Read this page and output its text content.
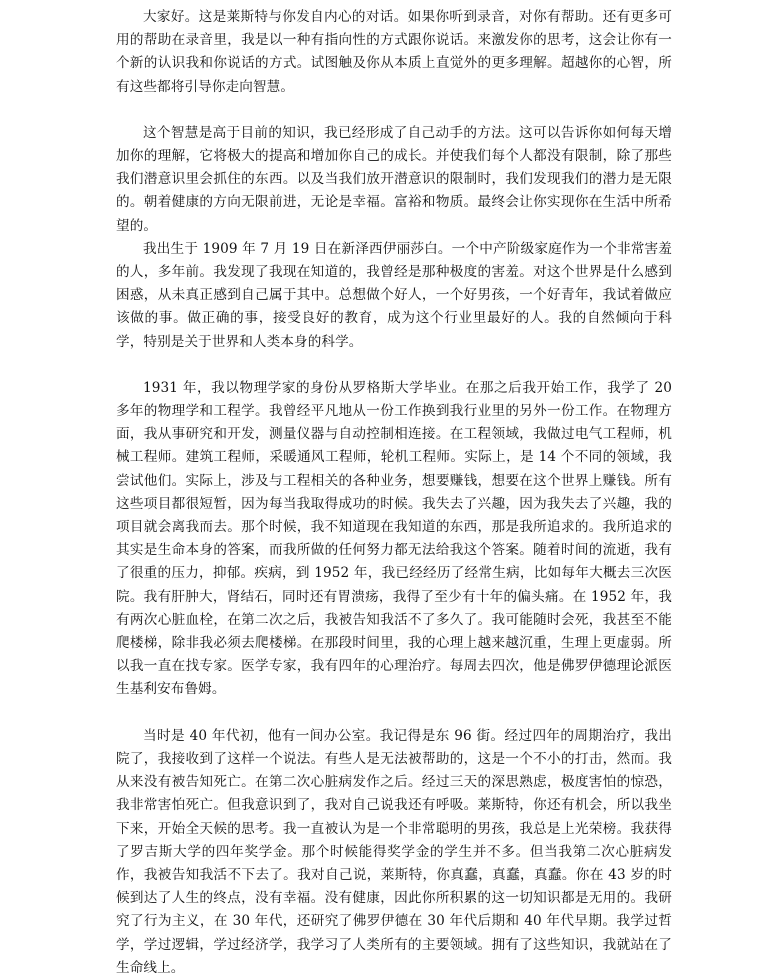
大家好。这是莱斯特与你发自内心的对话。如果你听到录音，对你有帮助。还有更多可用的帮助在录音里，我是以一种有指向性的方式跟你说话。来激发你的思考，这会让你有一个新的认识我和你说话的方式。试图触及你从本质上直觉外的更多理解。超越你的心智，所有这些都将引导你走向智慧。

这个智慧是高于目前的知识，我已经形成了自己动手的方法。这可以告诉你如何每天增加你的理解，它将极大的提高和增加你自己的成长。并使我们每个人都没有限制，除了那些我们潜意识里会抓住的东西。以及当我们放开潜意识的限制时，我们发现我们的潜力是无限的。朝着健康的方向无限前进，无论是幸福。富裕和物质。最终会让你实现你在生活中所希望的。

我出生于 1909 年 7 月 19 日在新泽西伊丽莎白。一个中产阶级家庭作为一个非常害羞的人，多年前。我发现了我现在知道的，我曾经是那种极度的害羞。对这个世界是什么感到困惑，从未真正感到自己属于其中。总想做个好人，一个好男孩，一个好青年，我试着做应该做的事。做正确的事，接受良好的教育，成为这个行业里最好的人。我的自然倾向于科学，特别是关于世界和人类本身的科学。

1931 年，我以物理学家的身份从罗格斯大学毕业。在那之后我开始工作，我学了 20 多年的物理学和工程学。我曾经平凡地从一份工作换到我行业里的另外一份工作。在物理方面，我从事研究和开发，测量仪器与自动控制相连接。在工程领域，我做过电气工程师，机械工程师。建筑工程师，采暖通风工程师，轮机工程师。实际上，是 14 个不同的领域，我尝试他们。实际上，涉及与工程相关的各种业务，想要赚钱，想要在这个世界上赚钱。所有这些项目都很短暂，因为每当我取得成功的时候。我失去了兴趣，因为我失去了兴趣，我的项目就会离我而去。那个时候，我不知道现在我知道的东西，那是我所追求的。我所追求的其实是生命本身的答案，而我所做的任何努力都无法给我这个答案。随着时间的流逝，我有了很重的压力，抑郁。疾病，到 1952 年，我已经经历了经常生病，比如每年大概去三次医院。我有肝肿大，肾结石，同时还有胃溃疡，我得了至少有十年的偏头痛。在 1952 年，我有两次心脏血栓，在第二次之后，我被告知我活不了多久了。我可能随时会死，我甚至不能爬楼梯，除非我必须去爬楼梯。在那段时间里，我的心理上越来越沉重，生理上更虚弱。所以我一直在找专家。医学专家，我有四年的心理治疗。每周去四次，他是佛罗伊德理论派医生基利安布鲁姆。

当时是 40 年代初，他有一间办公室。我记得是东 96 街。经过四年的周期治疗，我出院了，我接收到了这样一个说法。有些人是无法被帮助的，这是一个不小的打击，然而。我从来没有被告知死亡。在第二次心脏病发作之后。经过三天的深思熟虑，极度害怕的惊恐，我非常害怕死亡。但我意识到了，我对自己说我还有呼吸。莱斯特，你还有机会，所以我坐下来，开始全天候的思考。我一直被认为是一个非常聪明的男孩，我总是上光荣榜。我获得了罗吉斯大学的四年奖学金。那个时候能得奖学金的学生并不多。但当我第二次心脏病发作，我被告知我活不下去了。我对自己说，莱斯特，你真蠢，真蠢，真蠢。你在 43 岁的时候到达了人生的终点，没有幸福。没有健康，因此你所积累的这一切知识都是无用的。我研究了行为主义，在 30 年代，还研究了佛罗伊德在 30 年代后期和 40 年代早期。我学过哲学，学过逻辑，学过经济学，我学习了人类所有的主要领域。拥有了这些知识，我就站在了生命线上。
